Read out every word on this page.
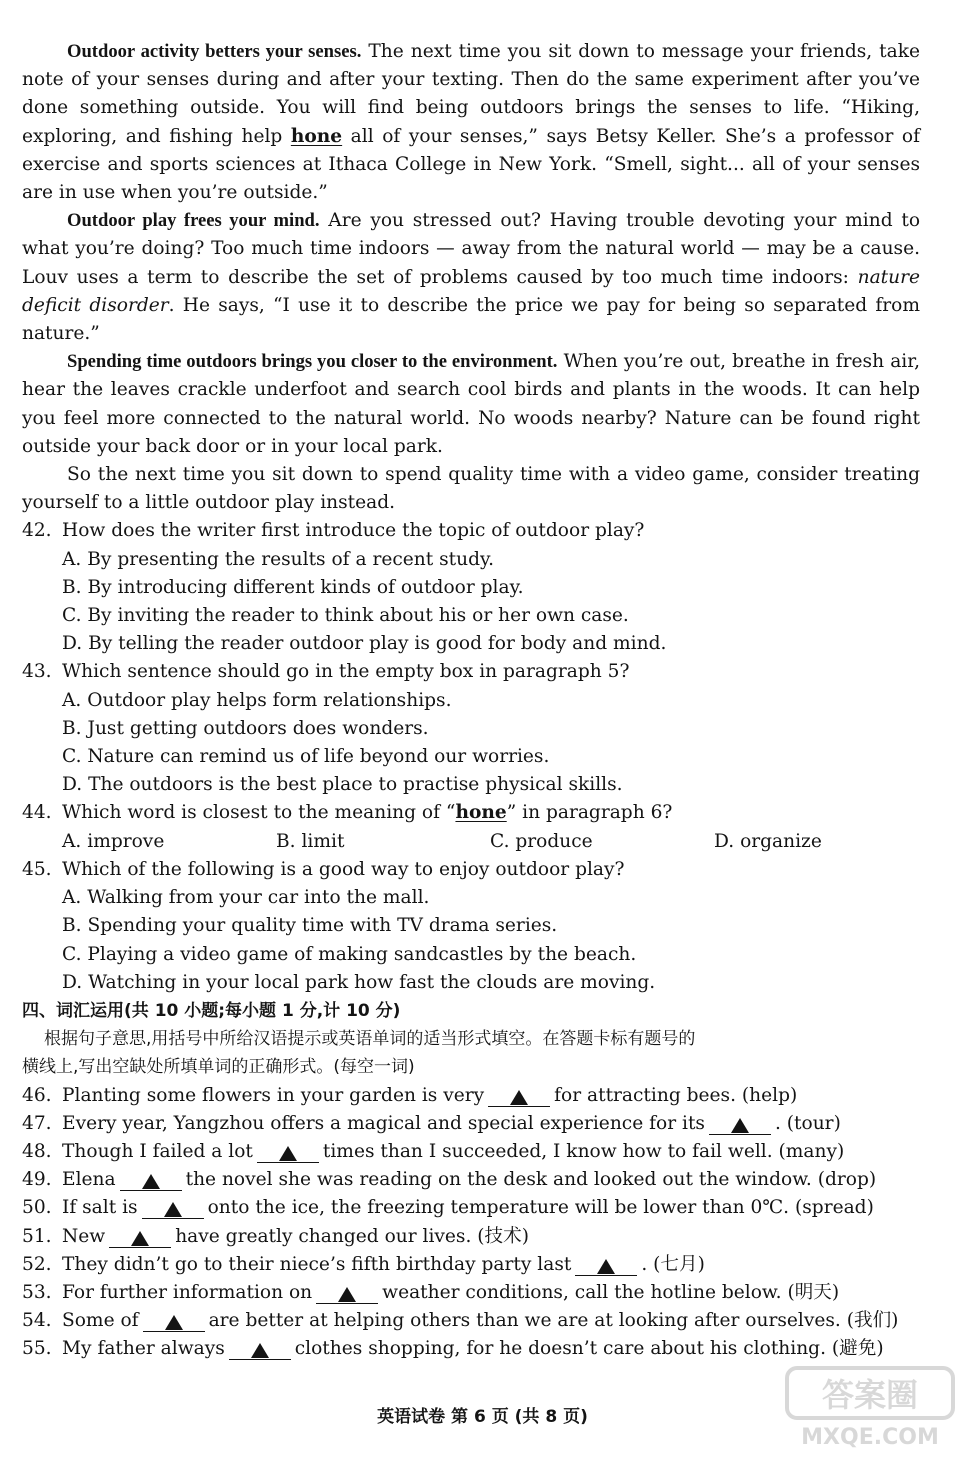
Outdoor activity betters your senses. The next time you sit down to message your friends, take note of your senses during and after your texting. Then do the same experiment after you’ve done something outside. You will find being outdoors brings the senses to life. “Hiking, exploring, and fishing help hone all of your senses,” says Betsy Keller. She’s a professor of exercise and sports sciences at Ithaca College in New York. “Smell, sight... all of your senses are in use when you’re outside.”

Outdoor play frees your mind. Are you stressed out? Having trouble devoting your mind to what you’re doing? Too much time indoors — away from the natural world — may be a cause. Louv uses a term to describe the set of problems caused by too much time indoors: nature deficit disorder. He says, “I use it to describe the price we pay for being so separated from nature.”

Spending time outdoors brings you closer to the environment. When you’re out, breathe in fresh air, hear the leaves crackle underfoot and search cool birds and plants in the woods. It can help you feel more connected to the natural world. No woods nearby? Nature can be found right outside your back door or in your local park.

So the next time you sit down to spend quality time with a video game, consider treating yourself to a little outdoor play instead.

42. How does the writer first introduce the topic of outdoor play?
A. By presenting the results of a recent study.
B. By introducing different kinds of outdoor play.
C. By inviting the reader to think about his or her own case.
D. By telling the reader outdoor play is good for body and mind.
43. Which sentence should go in the empty box in paragraph 5?
A. Outdoor play helps form relationships.
B. Just getting outdoors does wonders.
C. Nature can remind us of life beyond our worries.
D. The outdoors is the best place to practise physical skills.
44. Which word is closest to the meaning of “hone” in paragraph 6?
A. improve	B. limit	C. produce	D. organize
45. Which of the following is a good way to enjoy outdoor play?
A. Walking from your car into the mall.
B. Spending your quality time with TV drama series.
C. Playing a video game of making sandcastles by the beach.
D. Watching in your local park how fast the clouds are moving.
四、词汇运用(共 10 小题;每小题 1 分,计 10 分)
根据句子意思,用括号中所给汉语提示或英语单词的适当形式填空。在答题卡标有题号的
横线上,写出空缺处所填单词的正确形式。(每空一词)
46. Planting some flowers in your garden is very	for attracting bees. (help)
47. Every year, Yangzhou offers a magical and special experience for its	. (tour)
48. Though I failed a lot	times than I succeeded, I know how to fail well. (many)
49. Elena	the novel she was reading on the desk and looked out the window. (drop)
50. If salt is	onto the ice, the freezing temperature will be lower than 0℃. (spread)
51. New	have greatly changed our lives. (技术)
52. They didn’t go to their niece’s fifth birthday party last	. (七月)
53. For further information on	weather conditions, call the hotline below. (明天)
54. Some of	are better at helping others than we are at looking after ourselves. (我们)
55. My father always	clothes shopping, for he doesn’t care about his clothing. (避免)
英语试卷 第 6 页 (共 8 页)
答案圈
MXQE.COM
